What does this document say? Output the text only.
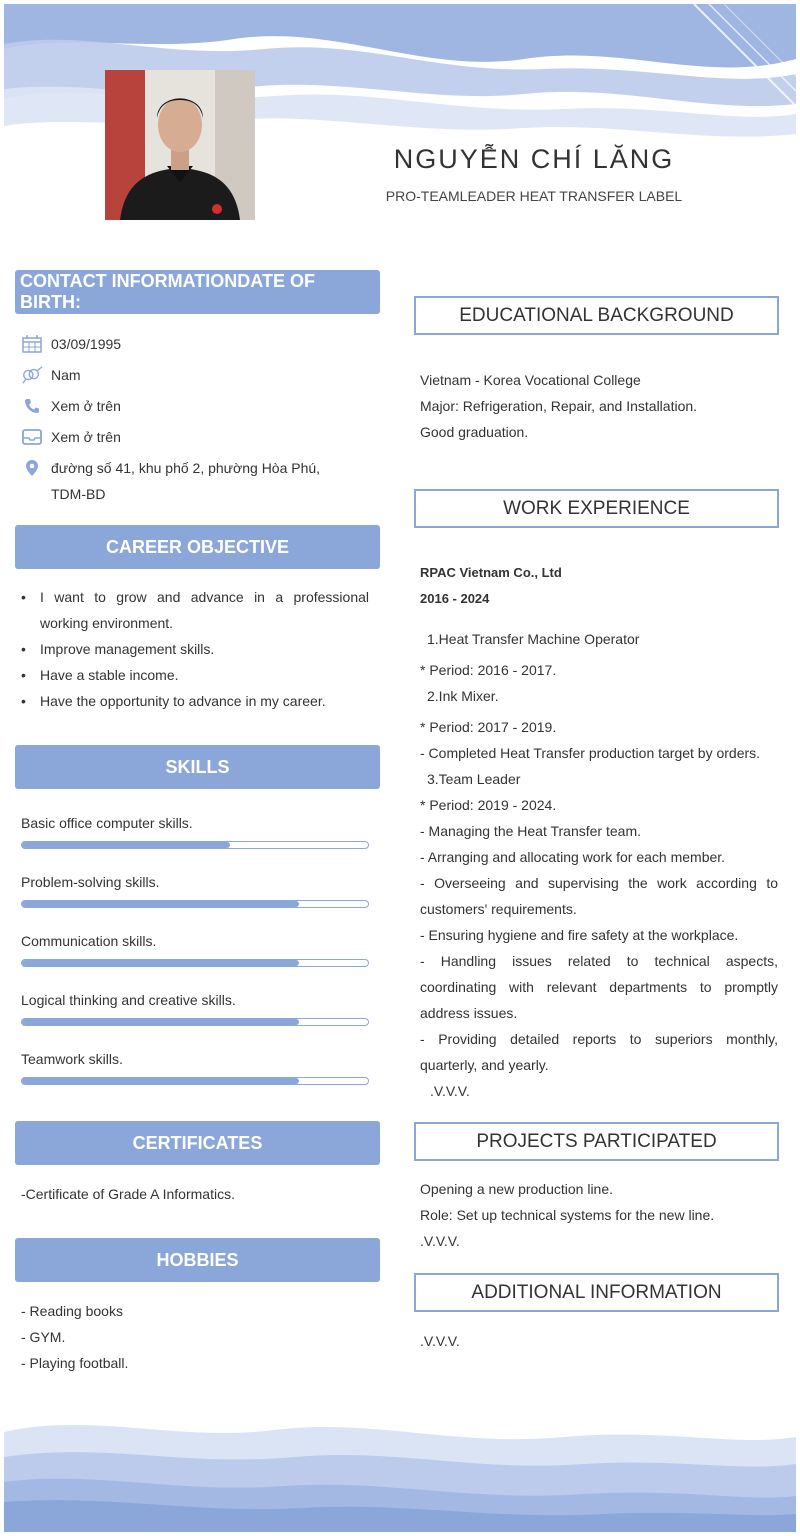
NGUYỄN CHÍ LĂNG
PRO-TEAMLEADER HEAT TRANSFER LABEL
CONTACT INFORMATIONDATE OF BIRTH:
03/09/1995
Nam
Xem ở trên
Xem ở trên
đường số 41, khu phố 2, phường Hòa Phú,
TDM-BD
CAREER OBJECTIVE
• I want to grow and advance in a professional working environment.
• Improve management skills.
• Have a stable income.
• Have the opportunity to advance in my career.
SKILLS
Basic office computer skills.
Problem-solving skills.
Communication skills.
Logical thinking and creative skills.
Teamwork skills.
CERTIFICATES
-Certificate of Grade A Informatics.
HOBBIES
- Reading books
- GYM.
- Playing football.
EDUCATIONAL BACKGROUND
Vietnam - Korea Vocational College
Major: Refrigeration, Repair, and Installation.
Good graduation.
WORK EXPERIENCE
RPAC Vietnam Co., Ltd
2016 - 2024
1.Heat Transfer Machine Operator
* Period: 2016 - 2017.
2.Ink Mixer.
* Period: 2017 - 2019.
- Completed Heat Transfer production target by orders.
3.Team Leader
* Period: 2019 - 2024.
- Managing the Heat Transfer team.
- Arranging and allocating work for each member.

- Overseeing and supervising the work according to customers' requirements.

- Ensuring hygiene and fire safety at the workplace.

- Handling issues related to technical aspects, coordinating with relevant departments to promptly address issues.

- Providing detailed reports to superiors monthly, quarterly, and yearly.

.V.V.V.
PROJECTS PARTICIPATED
Opening a new production line.
Role: Set up technical systems for the new line.
.V.V.V.
ADDITIONAL INFORMATION
.V.V.V.
